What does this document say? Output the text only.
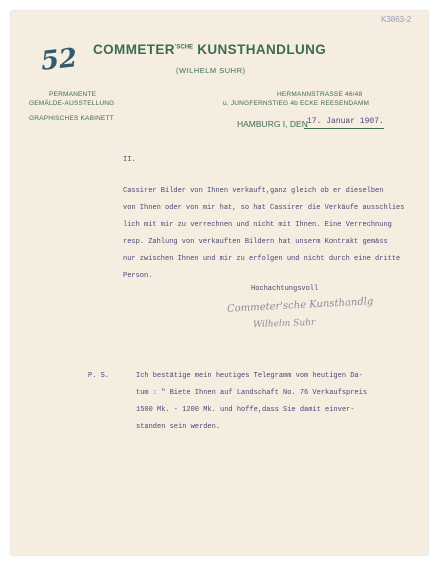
K3863-2
52 $COMMETER^{'SCHE}$ KUNSTHANDLUNG
(WILHELM SUHR)
PERMANENTE
GEMÄLDE-AUSSTELLUNG
GRAPHISCHES KABINETT
HERMANNSTRASSE 46/48
u. JUNGFERNSTIEG 4b ECKE REESENDAMM
HAMBURG I, DEN 17. Januar 1907.
II.
Cassirer Bilder von Ihnen verkauft,ganz gleich ob er dieselben
von Ihnen oder von mir hat, so hat Cassirer die Verkäufe ausschlies
lich mit mir zu verrechnen und nicht mit Ihnen. Eine Verrechnung
resp. Zahlung von verkauften Bildern hat unserm Kontrakt gemäss
nur zwischen Ihnen und mir zu erfolgen und nicht durch eine dritte
Person.
Hochachtungsvoll
Commeter'sche Kunsthandlg
Wilhelm Suhr
P. S.	Ich bestätige mein heutiges Telegramm vom heutigen Da-
tum : " Biete Ihnen auf Landschaft No. 76 Verkaufspreis
1500 Mk. - 1200 Mk. und hoffe,dass Sie damit einver-
standen sein werden.
